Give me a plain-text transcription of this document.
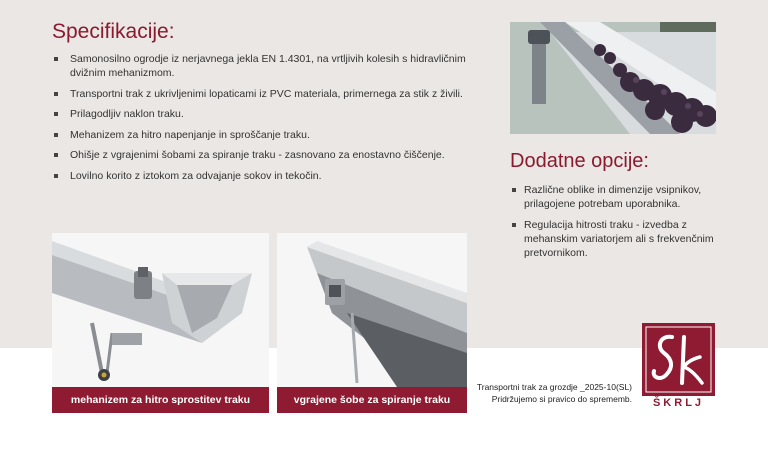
Specifikacije:
Samonosilno ogrodje iz nerjavnega jekla EN 1.4301, na vrtljivih kolesih s hidravličnim dvižnim mehanizmom.
Transportni trak z ukrivljenimi lopaticami iz PVC materiala, primernega za stik z živili.
Prilagodljiv naklon traku.
Mehanizem za hitro napenjanje in sproščanje traku.
Ohišje z vgrajenimi šobami za spiranje traku - zasnovano za enostavno čiščenje.
Lovilno korito z iztokom za odvajanje sokov in tekočin.
Dodatne opcije:
Različne oblike in dimenzije vsipnikov, prilagojene potrebam uporabnika.
Regulacija hitrosti traku - izvedba z mehanskim variatorjem ali s frekvenčnim pretvornikom.
mehanizem za hitro sprostitev traku	vgrajene šobe za spiranje traku
Transportni trak za grozdje _2025-10(SL)
Pridržujemo si pravico do sprememb.	ŠKRLJ
